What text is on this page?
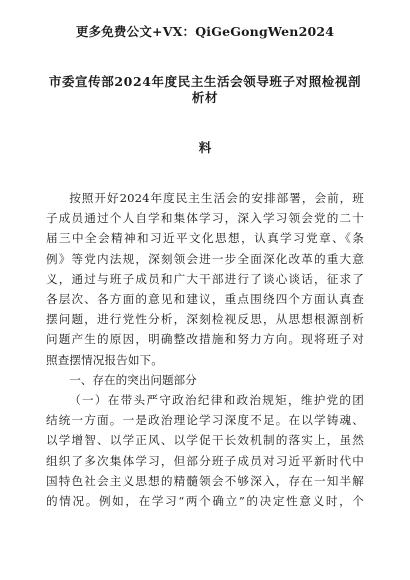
更多免费公文+VX：QiGeGongWen2024
市委宣传部2024年度民主生活会领导班子对照检视剖析材
料
按照开好2024年度民主生活会的安排部署，会前，班
子成员通过个人自学和集体学习，深入学习领会党的二十
届三中全会精神和习近平文化思想，认真学习党章、《条
例》等党内法规，深刻领会进一步全面深化改革的重大意
义，通过与班子成员和广大干部进行了谈心谈话，征求了
各层次、各方面的意见和建议，重点围绕四个方面认真查
摆问题，进行党性分析，深刻检视反思，从思想根源剖析
问题产生的原因，明确整改措施和努力方向。现将班子对
照查摆情况报告如下。
一、存在的突出问题部分
（一）在带头严守政治纪律和政治规矩，维护党的团
结统一方面。一是政治理论学习深度不足。在以学铸魂、
以学增智、以学正风、以学促干长效机制的落实上，虽然
组织了多次集体学习，但部分班子成员对习近平新时代中
国特色社会主义思想的精髓领会不够深入，存在一知半解
的情况。例如，在学习“两个确立”的决定性意义时，个
